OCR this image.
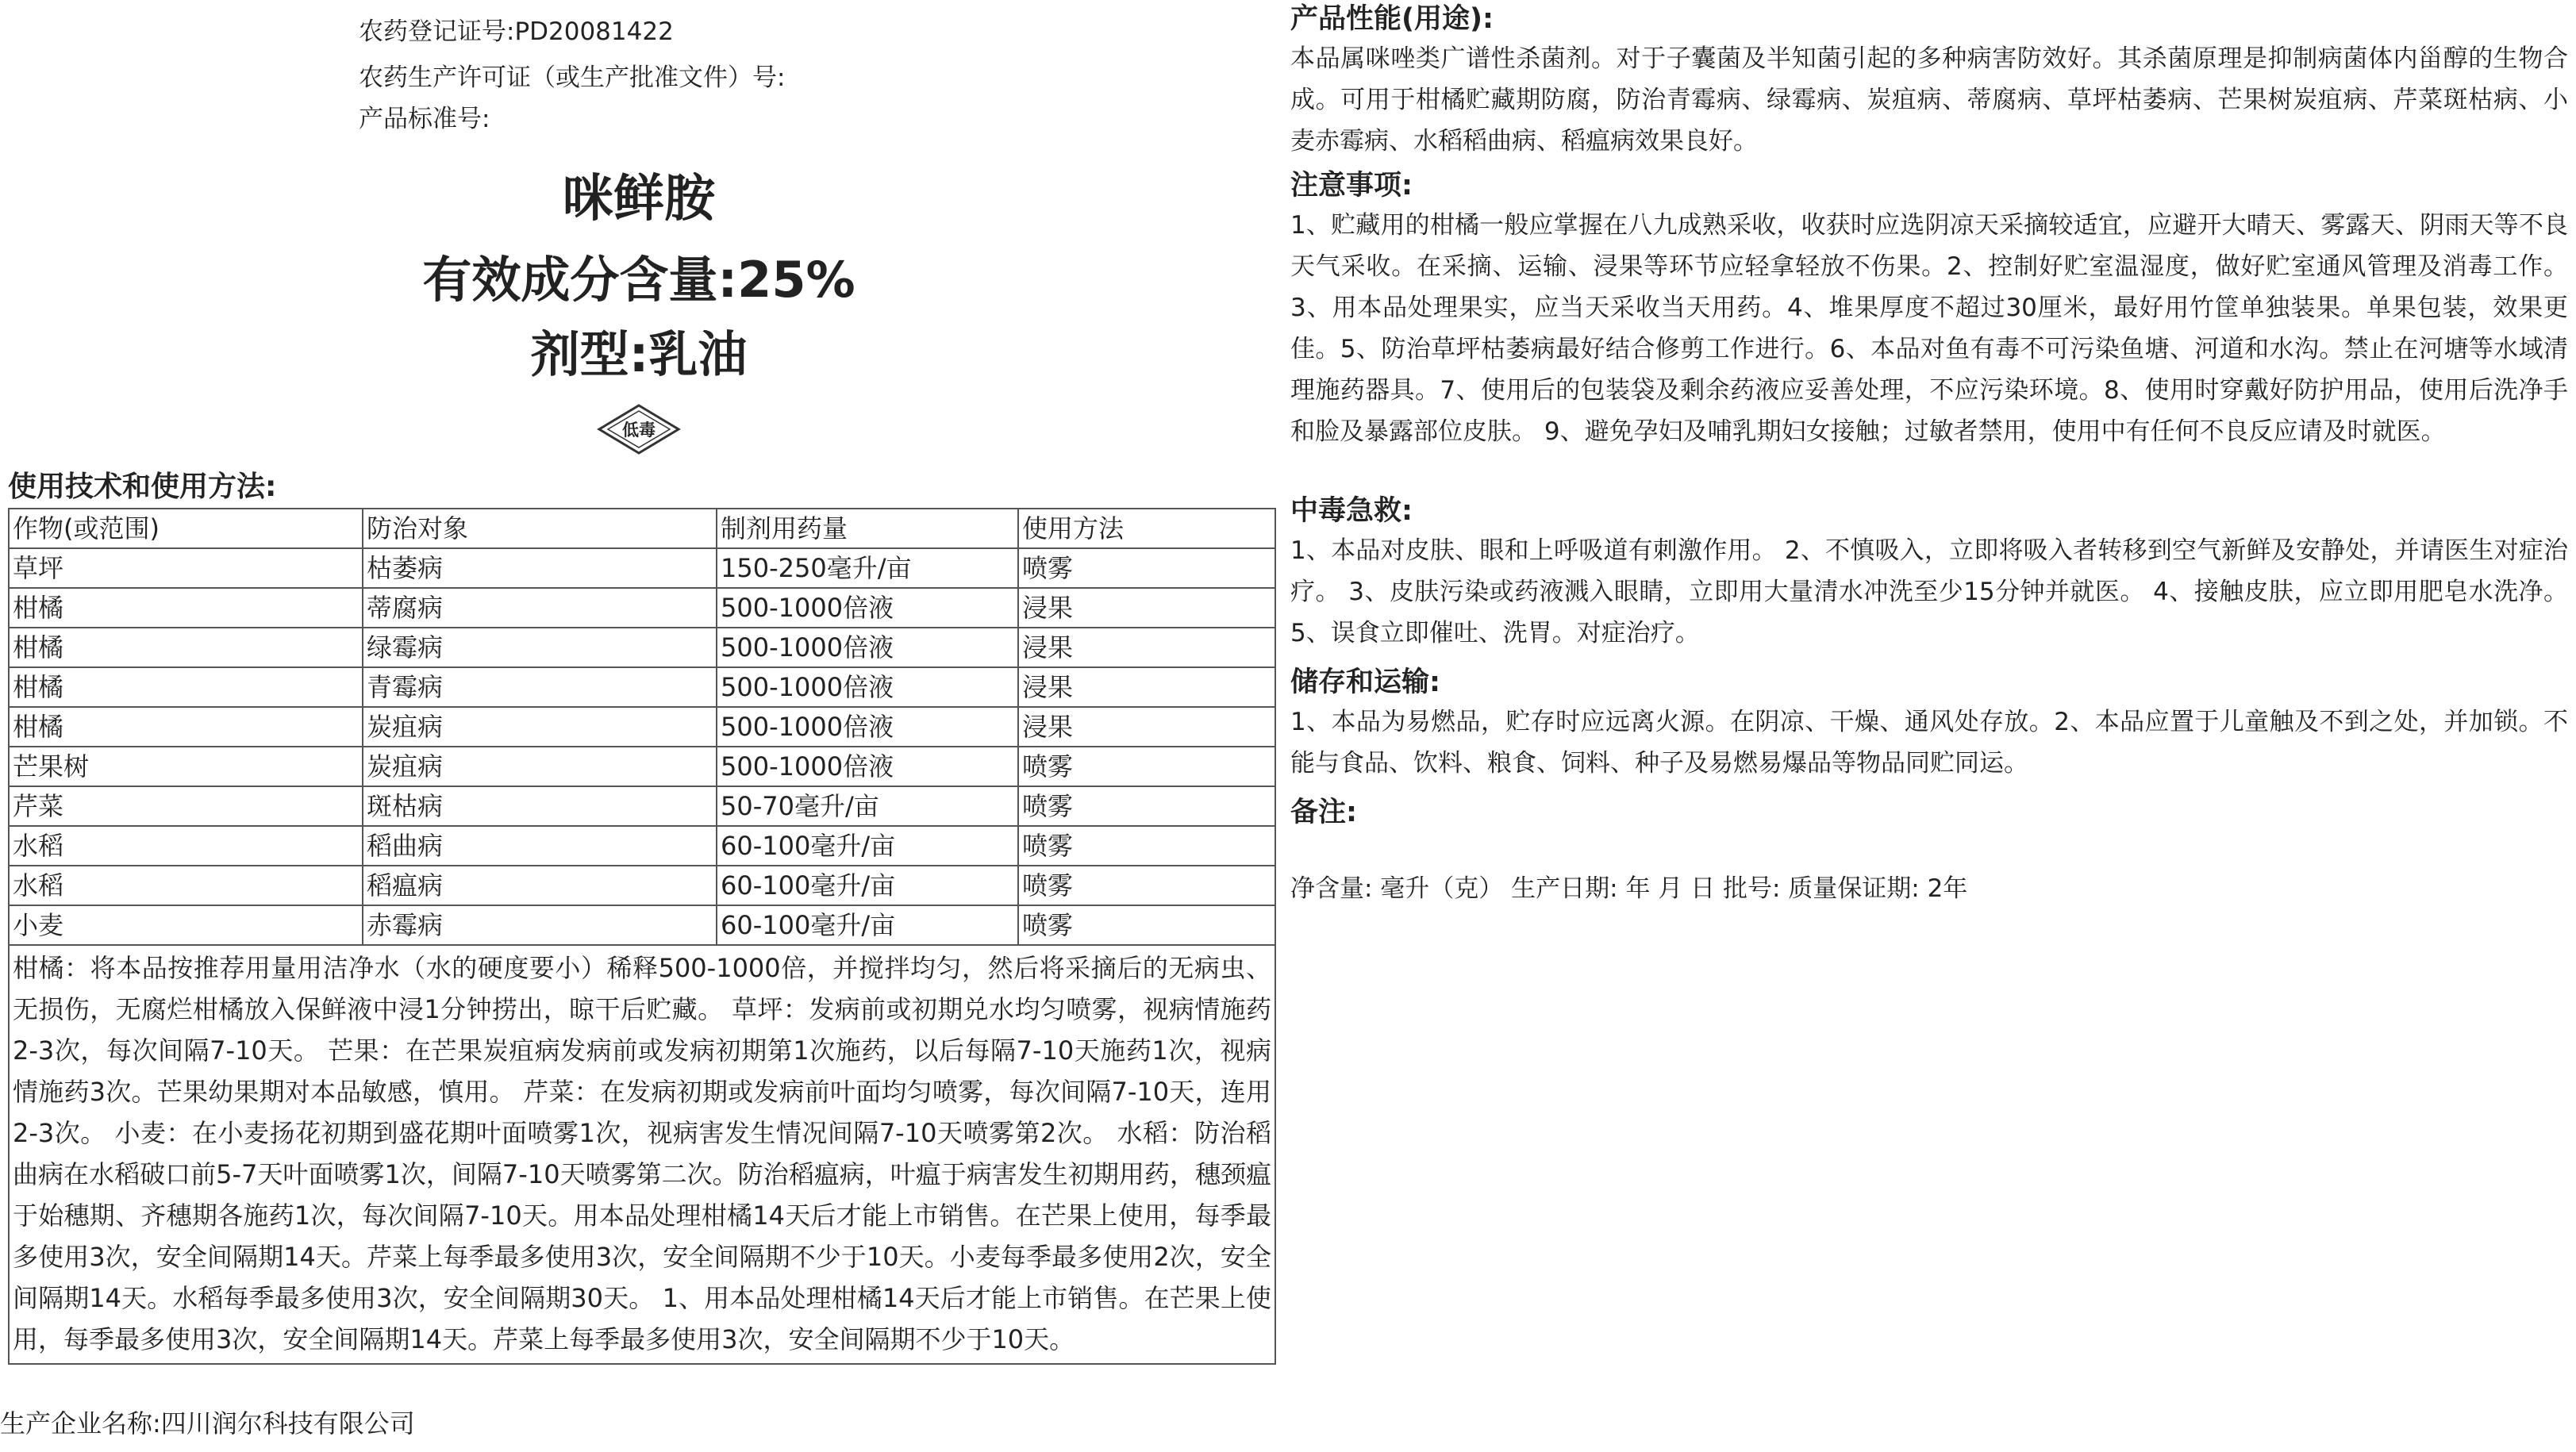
农药登记证号:PD20081422
农药生产许可证（或生产批准文件）号:
产品标准号:
咪鲜胺
有效成分含量:25%
剂型:乳油
低毒
使用技术和使用方法:
作物(或范围)	防治对象	制剂用药量	使用方法
草坪	枯萎病	150-250毫升/亩	喷雾
柑橘	蒂腐病	500-1000倍液	浸果
柑橘	绿霉病	500-1000倍液	浸果
柑橘	青霉病	500-1000倍液	浸果
柑橘	炭疽病	500-1000倍液	浸果
芒果树	炭疽病	500-1000倍液	喷雾
芹菜	斑枯病	50-70毫升/亩	喷雾
水稻	稻曲病	60-100毫升/亩	喷雾
水稻	稻瘟病	60-100毫升/亩	喷雾
小麦	赤霉病	60-100毫升/亩	喷雾
柑橘：将本品按推荐用量用洁净水（水的硬度要小）稀释500-1000倍，并搅拌均匀，然后将采摘后的无病虫、无损伤，无腐烂柑橘放入保鲜液中浸1分钟捞出，晾干后贮藏。 草坪：发病前或初期兑水均匀喷雾，视病情施药2-3次，每次间隔7-10天。 芒果：在芒果炭疽病发病前或发病初期第1次施药，以后每隔7-10天施药1次，视病情施药3次。芒果幼果期对本品敏感，慎用。 芹菜：在发病初期或发病前叶面均匀喷雾，每次间隔7-10天，连用2-3次。 小麦：在小麦扬花初期到盛花期叶面喷雾1次，视病害发生情况间隔7-10天喷雾第2次。 水稻：防治稻曲病在水稻破口前5-7天叶面喷雾1次，间隔7-10天喷雾第二次。防治稻瘟病，叶瘟于病害发生初期用药，穗颈瘟于始穗期、齐穗期各施药1次，每次间隔7-10天。用本品处理柑橘14天后才能上市销售。在芒果上使用，每季最多使用3次，安全间隔期14天。芹菜上每季最多使用3次，安全间隔期不少于10天。小麦每季最多使用2次，安全间隔期14天。水稻每季最多使用3次，安全间隔期30天。 1、用本品处理柑橘14天后才能上市销售。在芒果上使用，每季最多使用3次，安全间隔期14天。芹菜上每季最多使用3次，安全间隔期不少于10天。			
生产企业名称:四川润尔科技有限公司
产品性能(用途):
本品属咪唑类广谱性杀菌剂。对于子囊菌及半知菌引起的多种病害防效好。其杀菌原理是抑制病菌体内甾醇的生物合成。可用于柑橘贮藏期防腐，防治青霉病、绿霉病、炭疽病、蒂腐病、草坪枯萎病、芒果树炭疽病、芹菜斑枯病、小麦赤霉病、水稻稻曲病、稻瘟病效果良好。
注意事项:
1、贮藏用的柑橘一般应掌握在八九成熟采收，收获时应选阴凉天采摘较适宜，应避开大晴天、雾露天、阴雨天等不良天气采收。在采摘、运输、浸果等环节应轻拿轻放不伤果。2、控制好贮室温湿度，做好贮室通风管理及消毒工作。3、用本品处理果实，应当天采收当天用药。4、堆果厚度不超过30厘米，最好用竹筐单独装果。单果包装，效果更佳。5、防治草坪枯萎病最好结合修剪工作进行。6、本品对鱼有毒不可污染鱼塘、河道和水沟。禁止在河塘等水域清理施药器具。7、使用后的包装袋及剩余药液应妥善处理，不应污染环境。8、使用时穿戴好防护用品，使用后洗净手和脸及暴露部位皮肤。 9、避免孕妇及哺乳期妇女接触；过敏者禁用，使用中有任何不良反应请及时就医。
中毒急救:
1、本品对皮肤、眼和上呼吸道有刺激作用。 2、不慎吸入，立即将吸入者转移到空气新鲜及安静处，并请医生对症治疗。 3、皮肤污染或药液溅入眼睛，立即用大量清水冲洗至少15分钟并就医。 4、接触皮肤，应立即用肥皂水洗净。 5、误食立即催吐、洗胃。对症治疗。
储存和运输:
1、本品为易燃品，贮存时应远离火源。在阴凉、干燥、通风处存放。2、本品应置于儿童触及不到之处，并加锁。不能与食品、饮料、粮食、饲料、种子及易燃易爆品等物品同贮同运。
备注:
净含量: 毫升（克） 生产日期: 年 月 日 批号: 质量保证期: 2年
